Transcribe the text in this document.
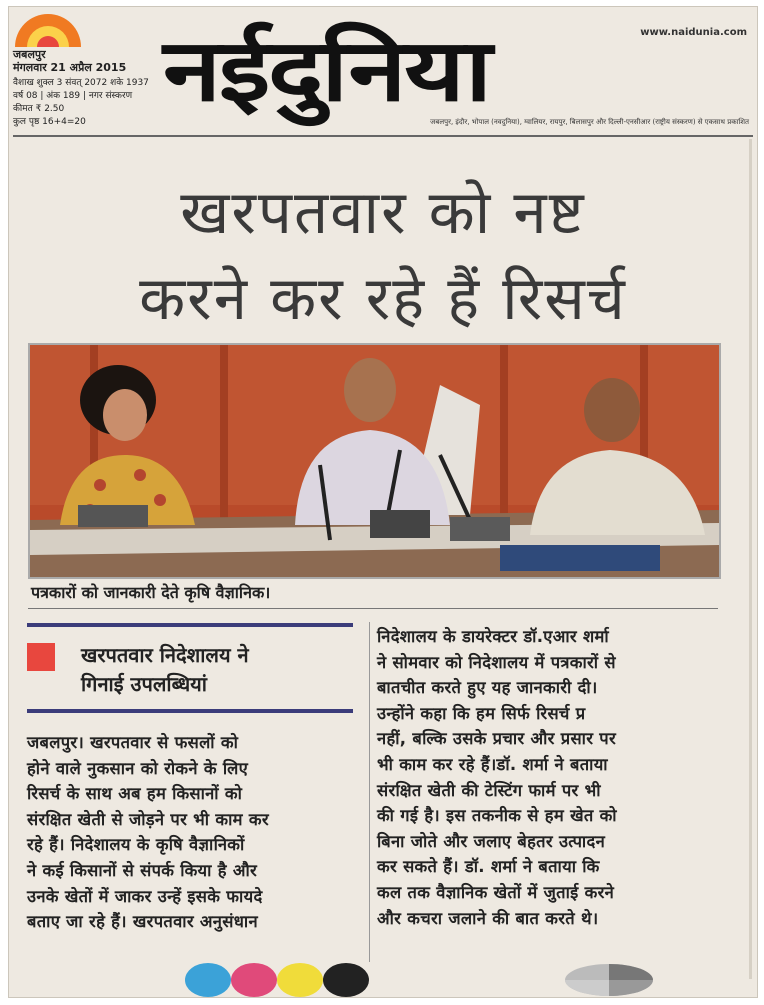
जबलपुर
मंगलवार 21 अप्रैल 2015
वैशाख शुक्ल 3 संवत् 2072 शके 1937
वर्ष 08 | अंक 189 | नगर संस्करण
कीमत ₹ 2.50
कुल पृष्ठ 16+4=20
नईदुनिया	www.naidunia.com
जबलपुर, इंदौर, भोपाल (नवदुनिया), ग्वालियर, रायपुर, बिलासपुर और दिल्ली-एनसीआर (राष्ट्रीय संस्करण) से एकसाथ प्रकाशित
खरपतवार को नष्ट
करने कर रहे हैं रिसर्च
पत्रकारों को जानकारी देते कृषि वैज्ञानिक।
खरपतवार निदेशालय ने
गिनाई उपलब्धियां
जबलपुर। खरपतवार से फसलों को
होने वाले नुकसान को रोकने के लिए
रिसर्च के साथ अब हम किसानों को
संरक्षित खेती से जोड़ने पर भी काम कर
रहे हैं। निदेशालय के कृषि वैज्ञानिकों
ने कई किसानों से संपर्क किया है और
उनके खेतों में जाकर उन्हें इसके फायदे
बताए जा रहे हैं। खरपतवार अनुसंधान
निदेशालय के डायरेक्टर डॉ.एआर शर्मा
ने सोमवार को निदेशालय में पत्रकारों से
बातचीत करते हुए यह जानकारी दी।
उन्होंने कहा कि हम सिर्फ रिसर्च प्र
नहीं, बल्कि उसके प्रचार और प्रसार पर
भी काम कर रहे हैं।डॉ. शर्मा ने बताया
संरक्षित खेती की टेस्टिंग फार्म पर भी
की गई है। इस तकनीक से हम खेत को
बिना जोते और जलाए बेहतर उत्पादन
कर सकते हैं। डॉ. शर्मा ने बताया कि
कल तक वैज्ञानिक खेतों में जुताई करने
और कचरा जलाने की बात करते थे।
